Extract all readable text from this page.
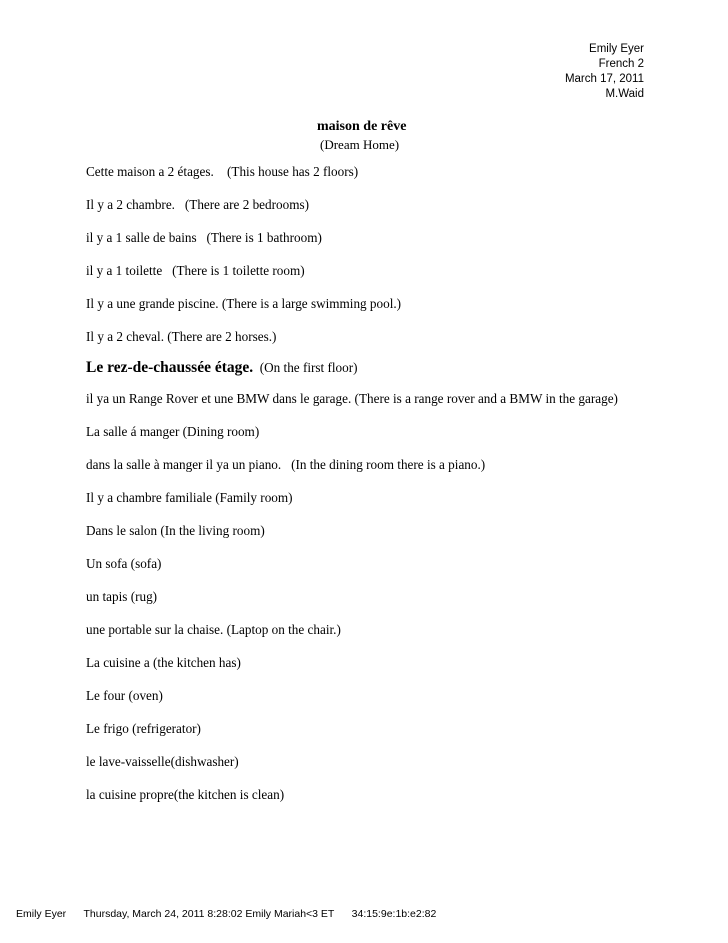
Emily Eyer
French 2
March 17, 2011
M.Waid
maison de rêve
(Dream Home)

Cette maison a 2 étages.    (This house has 2 floors)

Il y a 2 chambre.   (There are 2 bedrooms)

il y a 1 salle de bains   (There is 1 bathroom)

il y a 1 toilette   (There is 1 toilette room)

Il y a une grande piscine. (There is a large swimming pool.)

Il y a 2 cheval. (There are 2 horses.)

Le rez-de-chaussée étage.  (On the first floor)

il ya un Range Rover et une BMW dans le garage. (There is a range rover and a BMW in the garage)

La salle á manger (Dining room)

dans la salle à manger il ya un piano.   (In the dining room there is a piano.)

Il y a chambre familiale (Family room)

Dans le salon (In the living room)

Un sofa (sofa)

un tapis (rug)

une portable sur la chaise. (Laptop on the chair.)

La cuisine a (the kitchen has)

Le four (oven)

Le frigo (refrigerator)

le lave-vaisselle(dishwasher)

la cuisine propre(the kitchen is clean)

Emily Eyer      Thursday, March 24, 2011 8:28:02 Emily Mariah<3 ET      34:15:9e:1b:e2:82
